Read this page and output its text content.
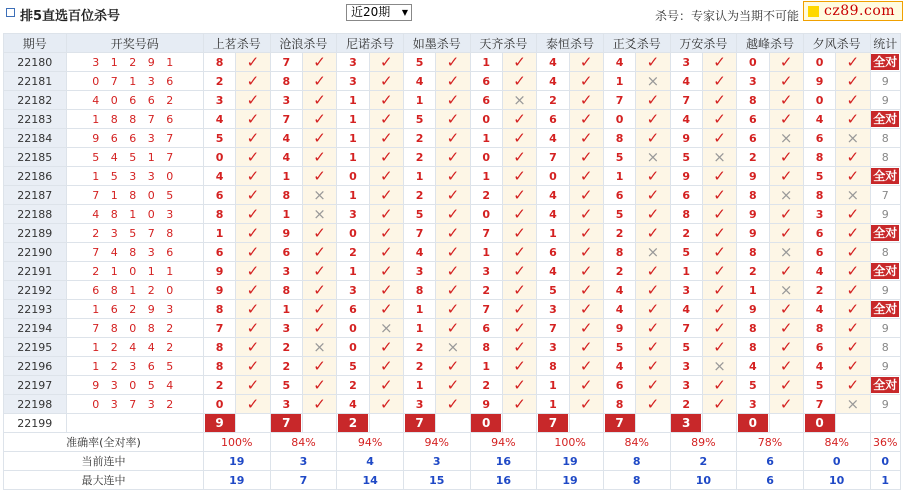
排5直选百位杀号	近20期 ▼	杀号：专家认为当期不可能 cz89.com
期号	开奖号码	上茗杀号		沧浪杀号		尼诺杀号		如墨杀号		天齐杀号		泰恒杀号		正爻杀号		万安杀号		越峰杀号		夕风杀号		统计
22180	3 1 2 9 1	8	✓	7	✓	3	✓	5	✓	1	✓	4	✓	4	✓	3	✓	0	✓	0	✓	全对
22181	0 7 1 3 6	2	✓	8	✓	3	✓	4	✓	6	✓	4	✓	1	×	4	✓	3	✓	9	✓	9
22182	4 0 6 6 2	3	✓	3	✓	1	✓	1	✓	6	×	2	✓	7	✓	7	✓	8	✓	0	✓	9
22183	1 8 8 7 6	4	✓	7	✓	1	✓	5	✓	0	✓	6	✓	0	✓	4	✓	6	✓	4	✓	全对
22184	9 6 6 3 7	5	✓	4	✓	1	✓	2	✓	1	✓	4	✓	8	✓	9	✓	6	×	6	×	8
22185	5 4 5 1 7	0	✓	4	✓	1	✓	2	✓	0	✓	7	✓	5	×	5	×	2	✓	8	✓	8
22186	1 5 3 3 0	4	✓	1	✓	0	✓	1	✓	1	✓	0	✓	1	✓	9	✓	9	✓	5	✓	全对
22187	7 1 8 0 5	6	✓	8	×	1	✓	2	✓	2	✓	4	✓	6	✓	6	✓	8	×	8	×	7
22188	4 8 1 0 3	8	✓	1	×	3	✓	5	✓	0	✓	4	✓	5	✓	8	✓	9	✓	3	✓	9
22189	2 3 5 7 8	1	✓	9	✓	0	✓	7	✓	7	✓	1	✓	2	✓	2	✓	9	✓	6	✓	全对
22190	7 4 8 3 6	6	✓	6	✓	2	✓	4	✓	1	✓	6	✓	8	×	5	✓	8	×	6	✓	8
22191	2 1 0 1 1	9	✓	3	✓	1	✓	3	✓	3	✓	4	✓	2	✓	1	✓	2	✓	4	✓	全对
22192	6 8 1 2 0	9	✓	8	✓	3	✓	8	✓	2	✓	5	✓	4	✓	3	✓	1	×	2	✓	9
22193	1 6 2 9 3	8	✓	1	✓	6	✓	1	✓	7	✓	3	✓	4	✓	4	✓	9	✓	4	✓	全对
22194	7 8 0 8 2	7	✓	3	✓	0	×	1	✓	6	✓	7	✓	9	✓	7	✓	8	✓	8	✓	9
22195	1 2 4 4 2	8	✓	2	×	0	✓	2	×	8	✓	3	✓	5	✓	5	✓	8	✓	6	✓	8
22196	1 2 3 6 5	8	✓	2	✓	5	✓	2	✓	1	✓	8	✓	4	✓	3	×	4	✓	4	✓	9
22197	9 3 0 5 4	2	✓	5	✓	2	✓	1	✓	2	✓	1	✓	6	✓	3	✓	5	✓	5	✓	全对
22198	0 3 7 3 2	0	✓	3	✓	4	✓	3	✓	9	✓	1	✓	8	✓	2	✓	3	✓	7	×	9
22199	当前期杀号	9		7		2		7		0		7		7		3		0		0		
准确率(全对率)		100%		84%		94%		94%		94%		100%		84%		89%		78%		84%		36%
当前连中		19		3		4		3		16		19		8		2		6		0		0
最大连中		19		7		14		15		16		19		8		10		6		10		1
